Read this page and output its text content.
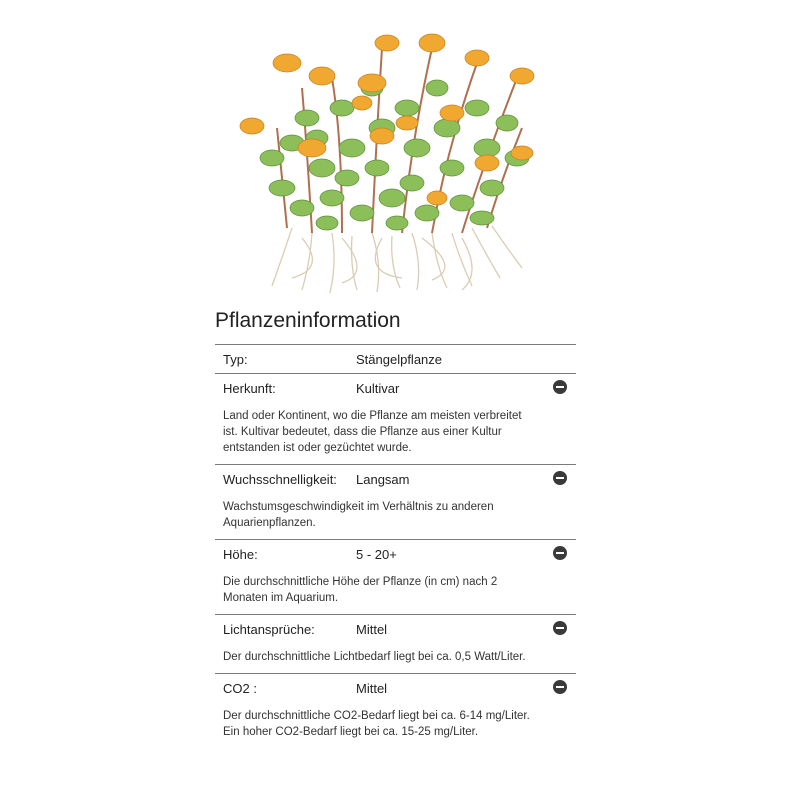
Pflanzeninformation
Typ:	Stängelpflanze
Herkunft:	Kultivar
Land oder Kontinent, wo die Pflanze am meisten verbreitet ist. Kultivar bedeutet, dass die Pflanze aus einer Kultur entstanden ist oder gezüchtet wurde.
Wuchsschnelligkeit: Langsam
Wachstumsgeschwindigkeit im Verhältnis zu anderen Aquarienpflanzen.
Höhe:	5 - 20+
Die durchschnittliche Höhe der Pflanze (in cm) nach 2 Monaten im Aquarium.
Lichtansprüche:	Mittel
Der durchschnittliche Lichtbedarf liegt bei ca. 0,5 Watt/Liter.
CO2 :	Mittel
Der durchschnittliche CO2-Bedarf liegt bei ca. 6-14 mg/Liter. Ein hoher CO2-Bedarf liegt bei ca. 15-25 mg/Liter.
